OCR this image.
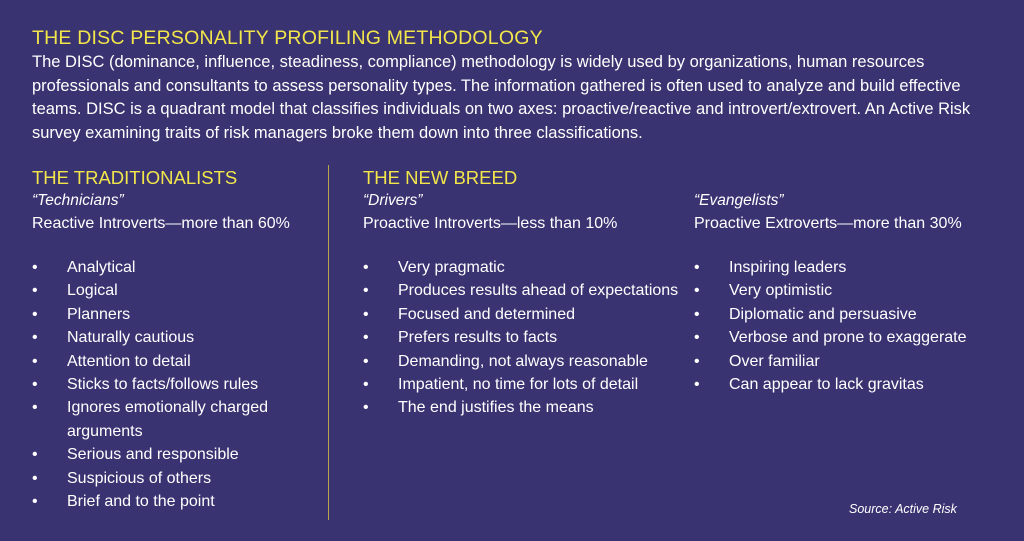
THE DISC PERSONALITY PROFILING METHODOLOGY
The DISC (dominance, influence, steadiness, compliance) methodology is widely used by organizations, human resources professionals and consultants to assess personality types. The information gathered is often used to analyze and build effective teams. DISC is a quadrant model that classifies individuals on two axes: proactive/reactive and introvert/extrovert. An Active Risk survey examining traits of risk managers broke them down into three classifications.
THE TRADITIONALISTS
“Technicians”
Reactive Introverts—more than 60%
•	Analytical
•	Logical
•	Planners
•	Naturally cautious
•	Attention to detail
•	Sticks to facts/follows rules
•	Ignores emotionally charged arguments
•	Serious and responsible
•	Suspicious of others
•	Brief and to the point
THE NEW BREED
“Drivers”
Proactive Introverts—less than 10%
•	Very pragmatic
•	Produces results ahead of expectations
•	Focused and determined
•	Prefers results to facts
•	Demanding, not always reasonable
•	Impatient, no time for lots of detail
•	The end justifies the means
“Evangelists”
Proactive Extroverts—more than 30%
•	Inspiring leaders
•	Very optimistic
•	Diplomatic and persuasive
•	Verbose and prone to exaggerate
•	Over familiar
•	Can appear to lack gravitas
Source: Active Risk
